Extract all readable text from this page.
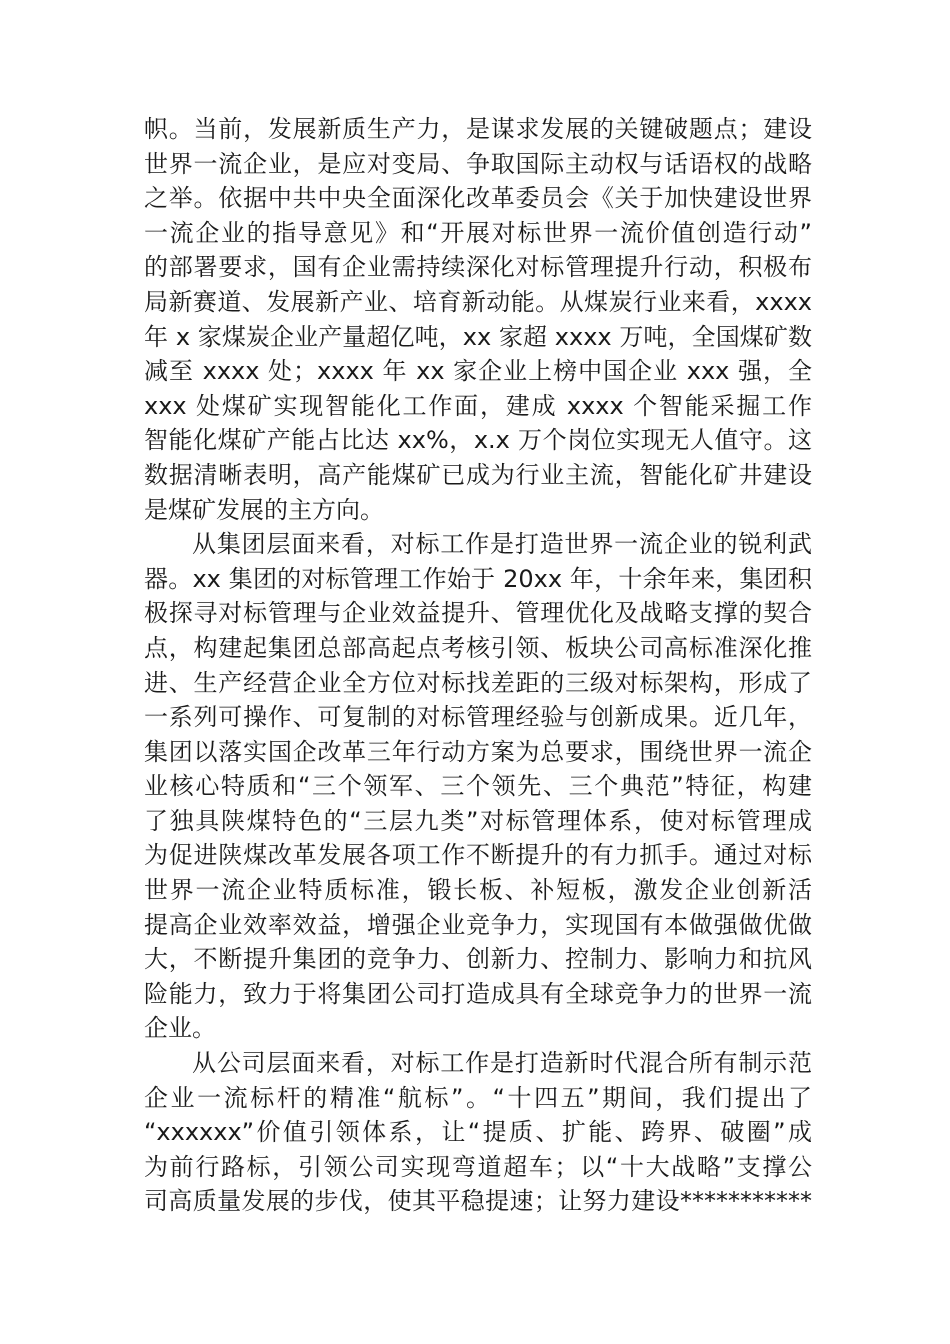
帜。当前，发展新质生产力，是谋求发展的关键破题点；建设
世界一流企业，是应对变局、争取国际主动权与话语权的战略
之举。依据中共中央全面深化改革委员会《关于加快建设世界
一流企业的指导意见》和“开展对标世界一流价值创造行动”
的部署要求，国有企业需持续深化对标管理提升行动，积极布
局新赛道、发展新产业、培育新动能。从煤炭行业来看，xxxx
年 x 家煤炭企业产量超亿吨，xx 家超 xxxx 万吨，全国煤矿数
减至 xxxx 处；xxxx 年 xx 家企业上榜中国企业 xxx 强，全
xxx 处煤矿实现智能化工作面，建成 xxxx 个智能采掘工作
智能化煤矿产能占比达 xx%，x.x 万个岗位实现无人值守。这
数据清晰表明，高产能煤矿已成为行业主流，智能化矿井建设
是煤矿发展的主方向。
从集团层面来看，对标工作是打造世界一流企业的锐利武
器。xx 集团的对标管理工作始于 20xx 年，十余年来，集团积
极探寻对标管理与企业效益提升、管理优化及战略支撑的契合
点，构建起集团总部高起点考核引领、板块公司高标准深化推
进、生产经营企业全方位对标找差距的三级对标架构，形成了
一系列可操作、可复制的对标管理经验与创新成果。近几年，
集团以落实国企改革三年行动方案为总要求，围绕世界一流企
业核心特质和“三个领军、三个领先、三个典范”特征，构建
了独具陕煤特色的“三层九类”对标管理体系，使对标管理成
为促进陕煤改革发展各项工作不断提升的有力抓手。通过对标
世界一流企业特质标准，锻长板、补短板，激发企业创新活
提高企业效率效益，增强企业竞争力，实现国有本做强做优做
大，不断提升集团的竞争力、创新力、控制力、影响力和抗风
险能力，致力于将集团公司打造成具有全球竞争力的世界一流
企业。
从公司层面来看，对标工作是打造新时代混合所有制示范
企业一流标杆的精准“航标”。“十四五”期间，我们提出了
“xxxxxx”价值引领体系，让“提质、扩能、跨界、破圈”成
为前行路标，引领公司实现弯道超车；以“十大战略”支撑公
司高质量发展的步伐，使其平稳提速；让努力建设***********
